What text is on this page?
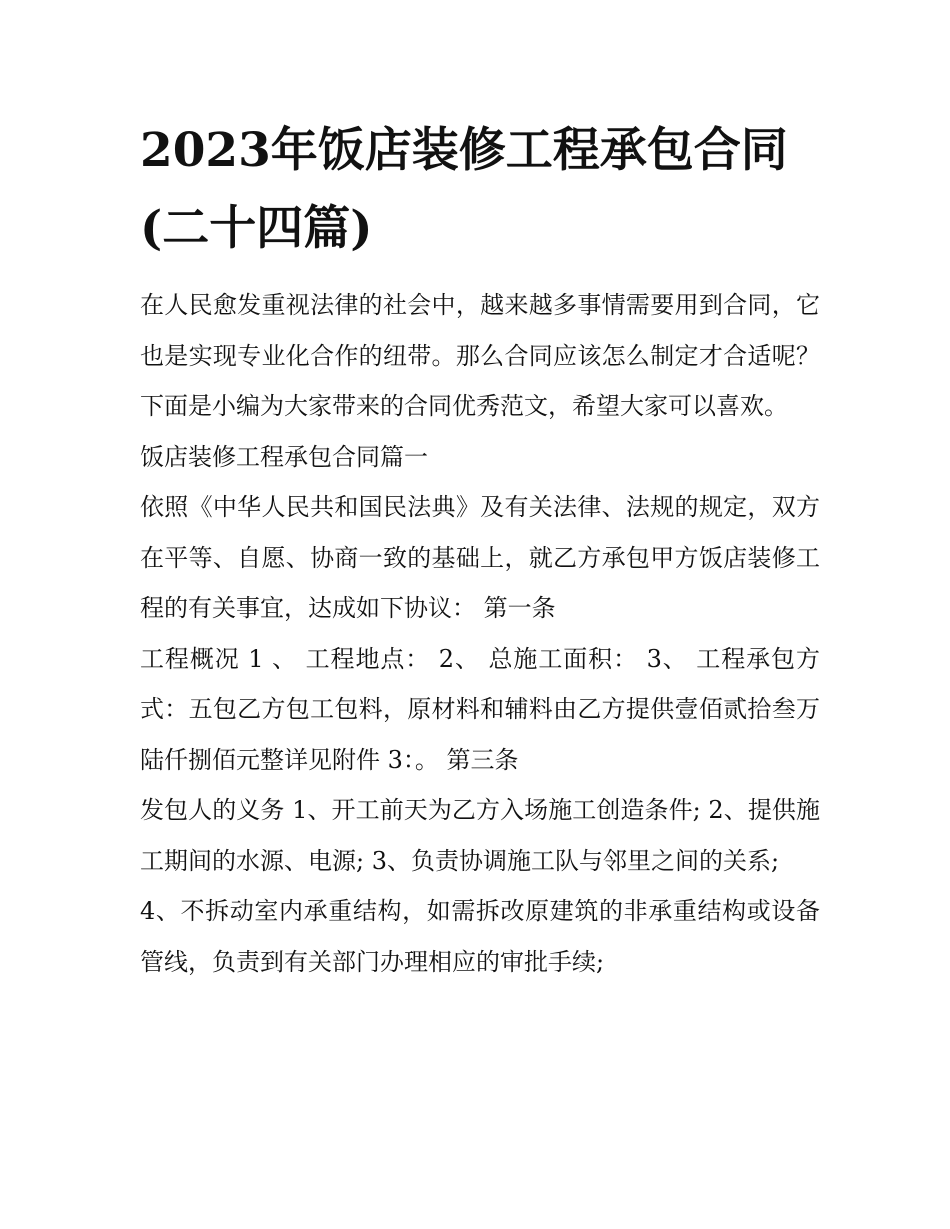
2023年饭店装修工程承包合同
(二十四篇)

在人民愈发重视法律的社会中，越来越多事情需要用到合同，它也是实现专业化合作的纽带。那么合同应该怎么制定才合适呢？下面是小编为大家带来的合同优秀范文，希望大家可以喜欢。

饭店装修工程承包合同篇一

依照《中华人民共和国民法典》及有关法律、法规的规定，双方在平等、自愿、协商一致的基础上，就乙方承包甲方饭店装修工程的有关事宜，达成如下协议： 第一条

工程概况 1 、 工程地点： 2、 总施工面积： 3、 工程承包方式：五包乙方包工包料，原材料和辅料由乙方提供壹佰贰拾叁万陆仟捌佰元整详见附件 3：。 第三条

发包人的义务 1、开工前天为乙方入场施工创造条件; 2、提供施工期间的水源、电源; 3、负责协调施工队与邻里之间的关系;

4、不拆动室内承重结构，如需拆改原建筑的非承重结构或设备管线，负责到有关部门办理相应的审批手续;
